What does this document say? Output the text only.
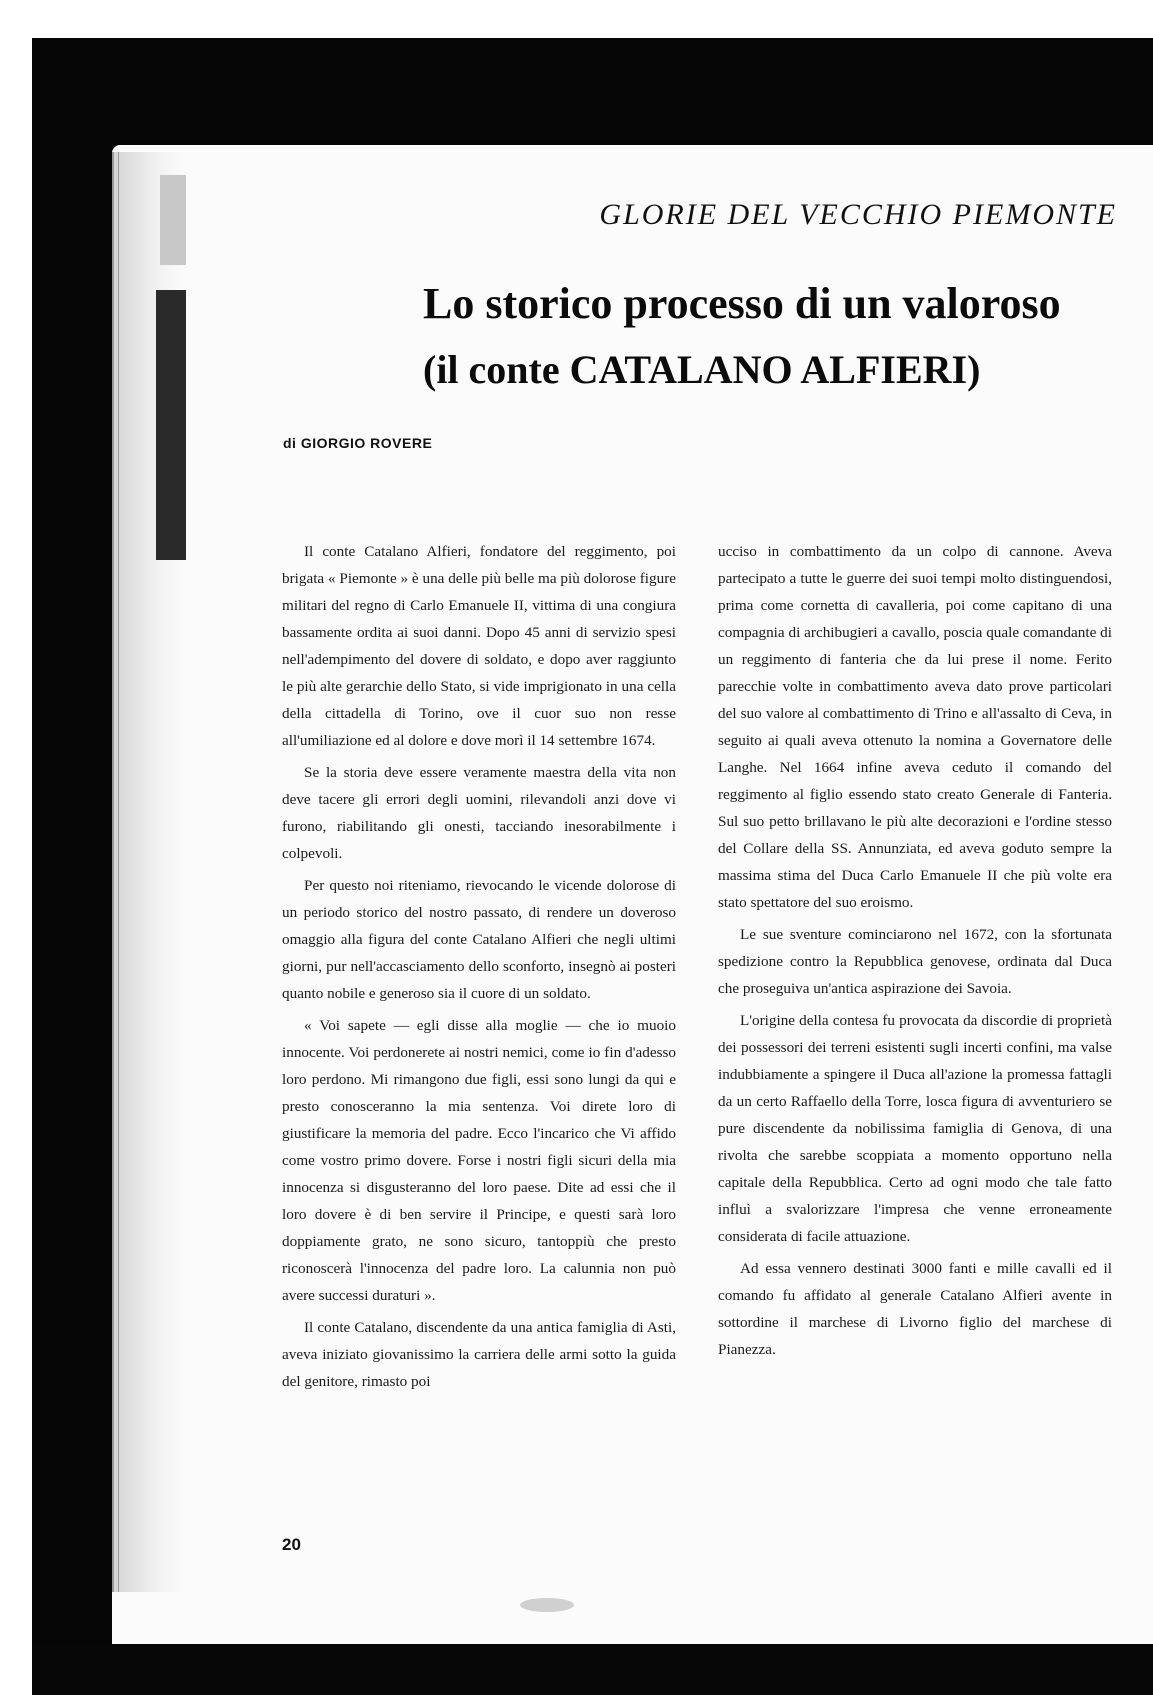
GLORIE DEL VECCHIO PIEMONTE
Lo storico processo di un valoroso
(il conte CATALANO ALFIERI)
di GIORGIO ROVERE

Il conte Catalano Alfieri, fondatore del reggimento, poi brigata « Piemonte » è una delle più belle ma più dolorose figure militari del regno di Carlo Emanuele II, vittima di una congiura bassamente ordita ai suoi danni. Dopo 45 anni di servizio spesi nell'adempimento del dovere di soldato, e dopo aver raggiunto le più alte gerarchie dello Stato, si vide imprigionato in una cella della cittadella di Torino, ove il cuor suo non resse all'umiliazione ed al dolore e dove morì il 14 settembre 1674.

Se la storia deve essere veramente maestra della vita non deve tacere gli errori degli uomini, rilevandoli anzi dove vi furono, riabilitando gli onesti, tacciando inesorabilmente i colpevoli.

Per questo noi riteniamo, rievocando le vicende dolorose di un periodo storico del nostro passato, di rendere un doveroso omaggio alla figura del conte Catalano Alfieri che negli ultimi giorni, pur nell'accasciamento dello sconforto, insegnò ai posteri quanto nobile e generoso sia il cuore di un soldato.

« Voi sapete — egli disse alla moglie — che io muoio innocente. Voi perdonerete ai nostri nemici, come io fin d'adesso loro perdono. Mi rimangono due figli, essi sono lungi da qui e presto conosceranno la mia sentenza. Voi direte loro di giustificare la memoria del padre. Ecco l'incarico che Vi affido come vostro primo dovere. Forse i nostri figli sicuri della mia innocenza si disgusteranno del loro paese. Dite ad essi che il loro dovere è di ben servire il Principe, e questi sarà loro doppiamente grato, ne sono sicuro, tantoppiù che presto riconoscerà l'innocenza del padre loro. La calunnia non può avere successi duraturi ».

Il conte Catalano, discendente da una antica famiglia di Asti, aveva iniziato giovanissimo la carriera delle armi sotto la guida del genitore, rimasto poi

ucciso in combattimento da un colpo di cannone. Aveva partecipato a tutte le guerre dei suoi tempi molto distinguendosi, prima come cornetta di cavalleria, poi come capitano di una compagnia di archibugieri a cavallo, poscia quale comandante di un reggimento di fanteria che da lui prese il nome. Ferito parecchie volte in combattimento aveva dato prove particolari del suo valore al combattimento di Trino e all'assalto di Ceva, in seguito ai quali aveva ottenuto la nomina a Governatore delle Langhe. Nel 1664 infine aveva ceduto il comando del reggimento al figlio essendo stato creato Generale di Fanteria. Sul suo petto brillavano le più alte decorazioni e l'ordine stesso del Collare della SS. Annunziata, ed aveva goduto sempre la massima stima del Duca Carlo Emanuele II che più volte era stato spettatore del suo eroismo.

Le sue sventure cominciarono nel 1672, con la sfortunata spedizione contro la Repubblica genovese, ordinata dal Duca che proseguiva un'antica aspirazione dei Savoia.

L'origine della contesa fu provocata da discordie di proprietà dei possessori dei terreni esistenti sugli incerti confini, ma valse indubbiamente a spingere il Duca all'azione la promessa fattagli da un certo Raffaello della Torre, losca figura di avventuriero se pure discendente da nobilissima famiglia di Genova, di una rivolta che sarebbe scoppiata a momento opportuno nella capitale della Repubblica. Certo ad ogni modo che tale fatto influì a svalorizzare l'impresa che venne erroneamente considerata di facile attuazione.

Ad essa vennero destinati 3000 fanti e mille cavalli ed il comando fu affidato al generale Catalano Alfieri avente in sottordine il marchese di Livorno figlio del marchese di Pianezza.

20
